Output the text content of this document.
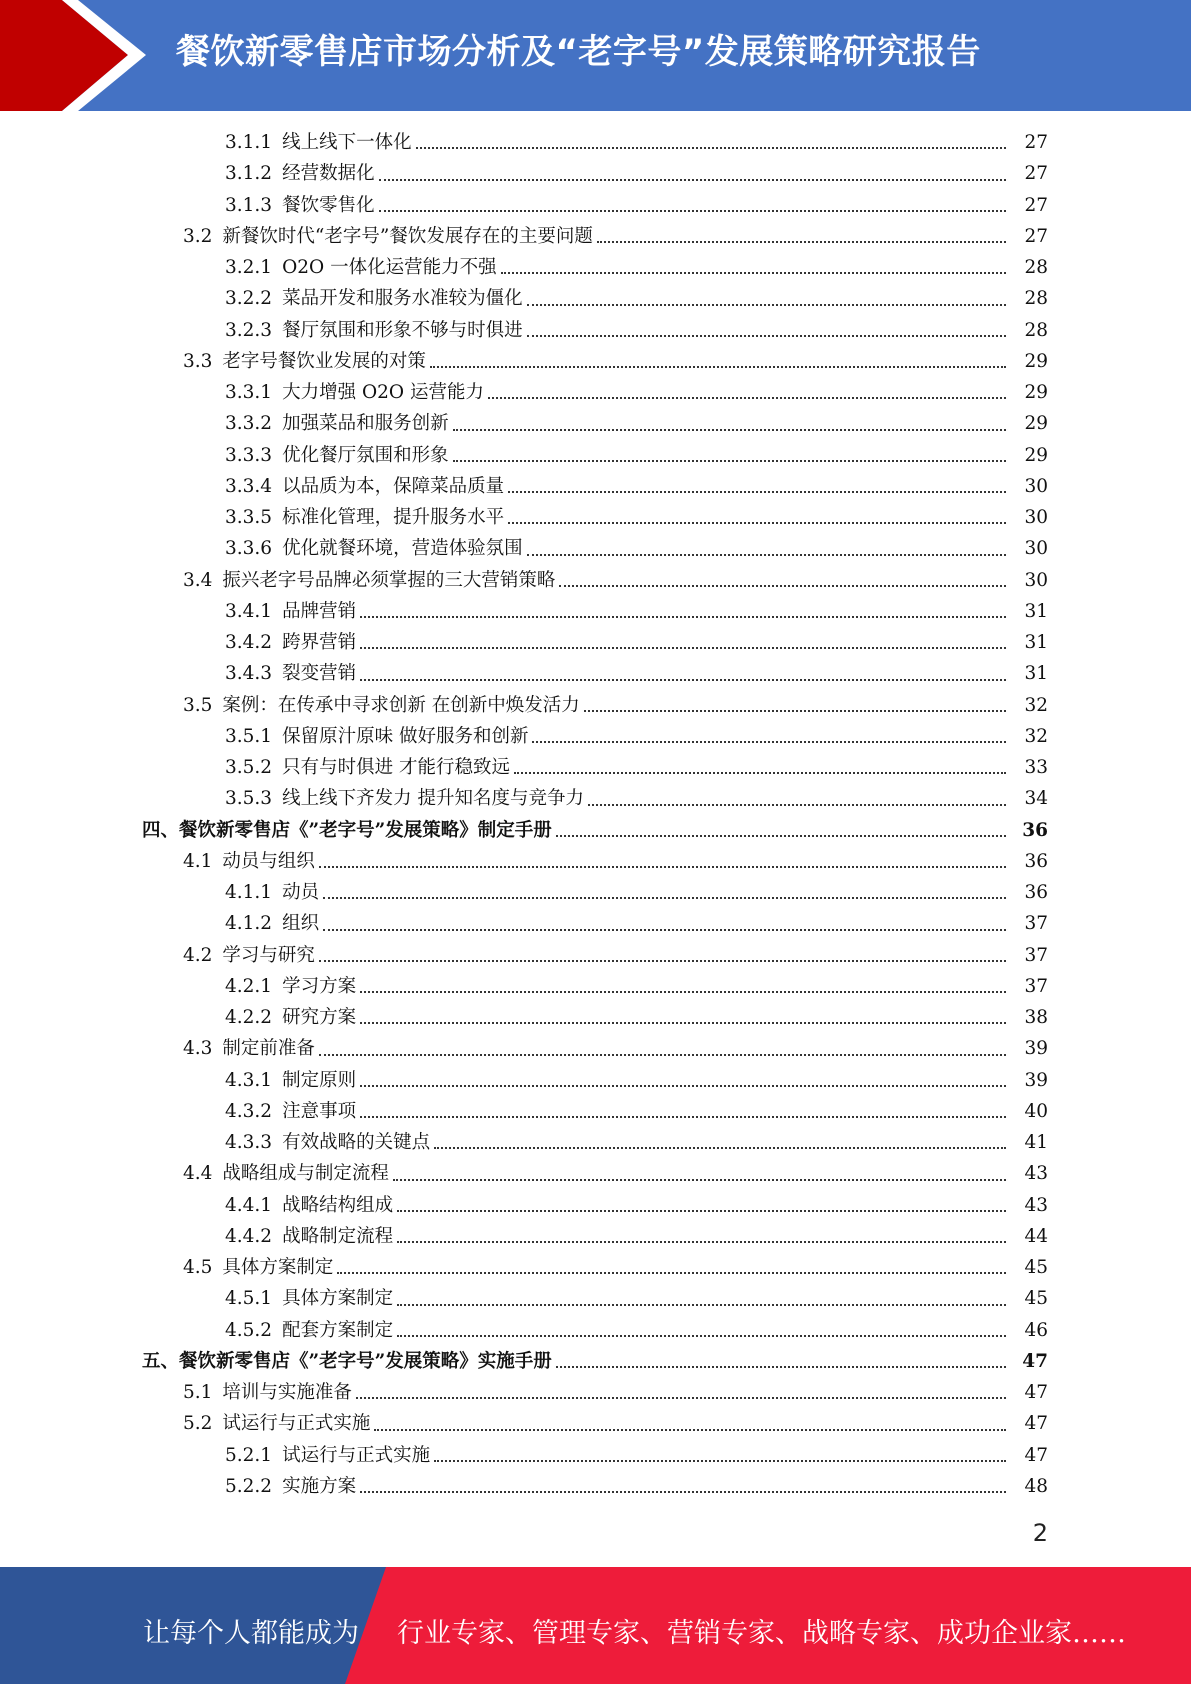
餐饮新零售店市场分析及“老字号”发展策略研究报告
3.1.1 线上线下一体化	27
3.1.2 经营数据化	27
3.1.3 餐饮零售化	27
3.2 新餐饮时代“老字号”餐饮发展存在的主要问题	27
3.2.1 O2O 一体化运营能力不强	28
3.2.2 菜品开发和服务水准较为僵化	28
3.2.3 餐厅氛围和形象不够与时俱进	28
3.3 老字号餐饮业发展的对策	29
3.3.1 大力增强 O2O 运营能力	29
3.3.2 加强菜品和服务创新	29
3.3.3 优化餐厅氛围和形象	29
3.3.4 以品质为本，保障菜品质量	30
3.3.5 标准化管理，提升服务水平	30
3.3.6 优化就餐环境，营造体验氛围	30
3.4 振兴老字号品牌必须掌握的三大营销策略	30
3.4.1 品牌营销	31
3.4.2 跨界营销	31
3.4.3 裂变营销	31
3.5 案例：在传承中寻求创新 在创新中焕发活力	32
3.5.1 保留原汁原味 做好服务和创新	32
3.5.2 只有与时俱进 才能行稳致远	33
3.5.3 线上线下齐发力 提升知名度与竞争力	34
四、 餐饮新零售店《”老字号”发展策略》制定手册	36
4.1 动员与组织	36
4.1.1 动员	36
4.1.2 组织	37
4.2 学习与研究	37
4.2.1 学习方案	37
4.2.2 研究方案	38
4.3 制定前准备	39
4.3.1 制定原则	39
4.3.2 注意事项	40
4.3.3 有效战略的关键点	41
4.4 战略组成与制定流程	43
4.4.1 战略结构组成	43
4.4.2 战略制定流程	44
4.5 具体方案制定	45
4.5.1 具体方案制定	45
4.5.2 配套方案制定	46
五、 餐饮新零售店《”老字号”发展策略》实施手册	47
5.1 培训与实施准备	47
5.2 试运行与正式实施	47
5.2.1 试运行与正式实施	47
5.2.2 实施方案	48
2
让每个人都能成为 行业专家、管理专家、营销专家、战略专家、成功企业家……
